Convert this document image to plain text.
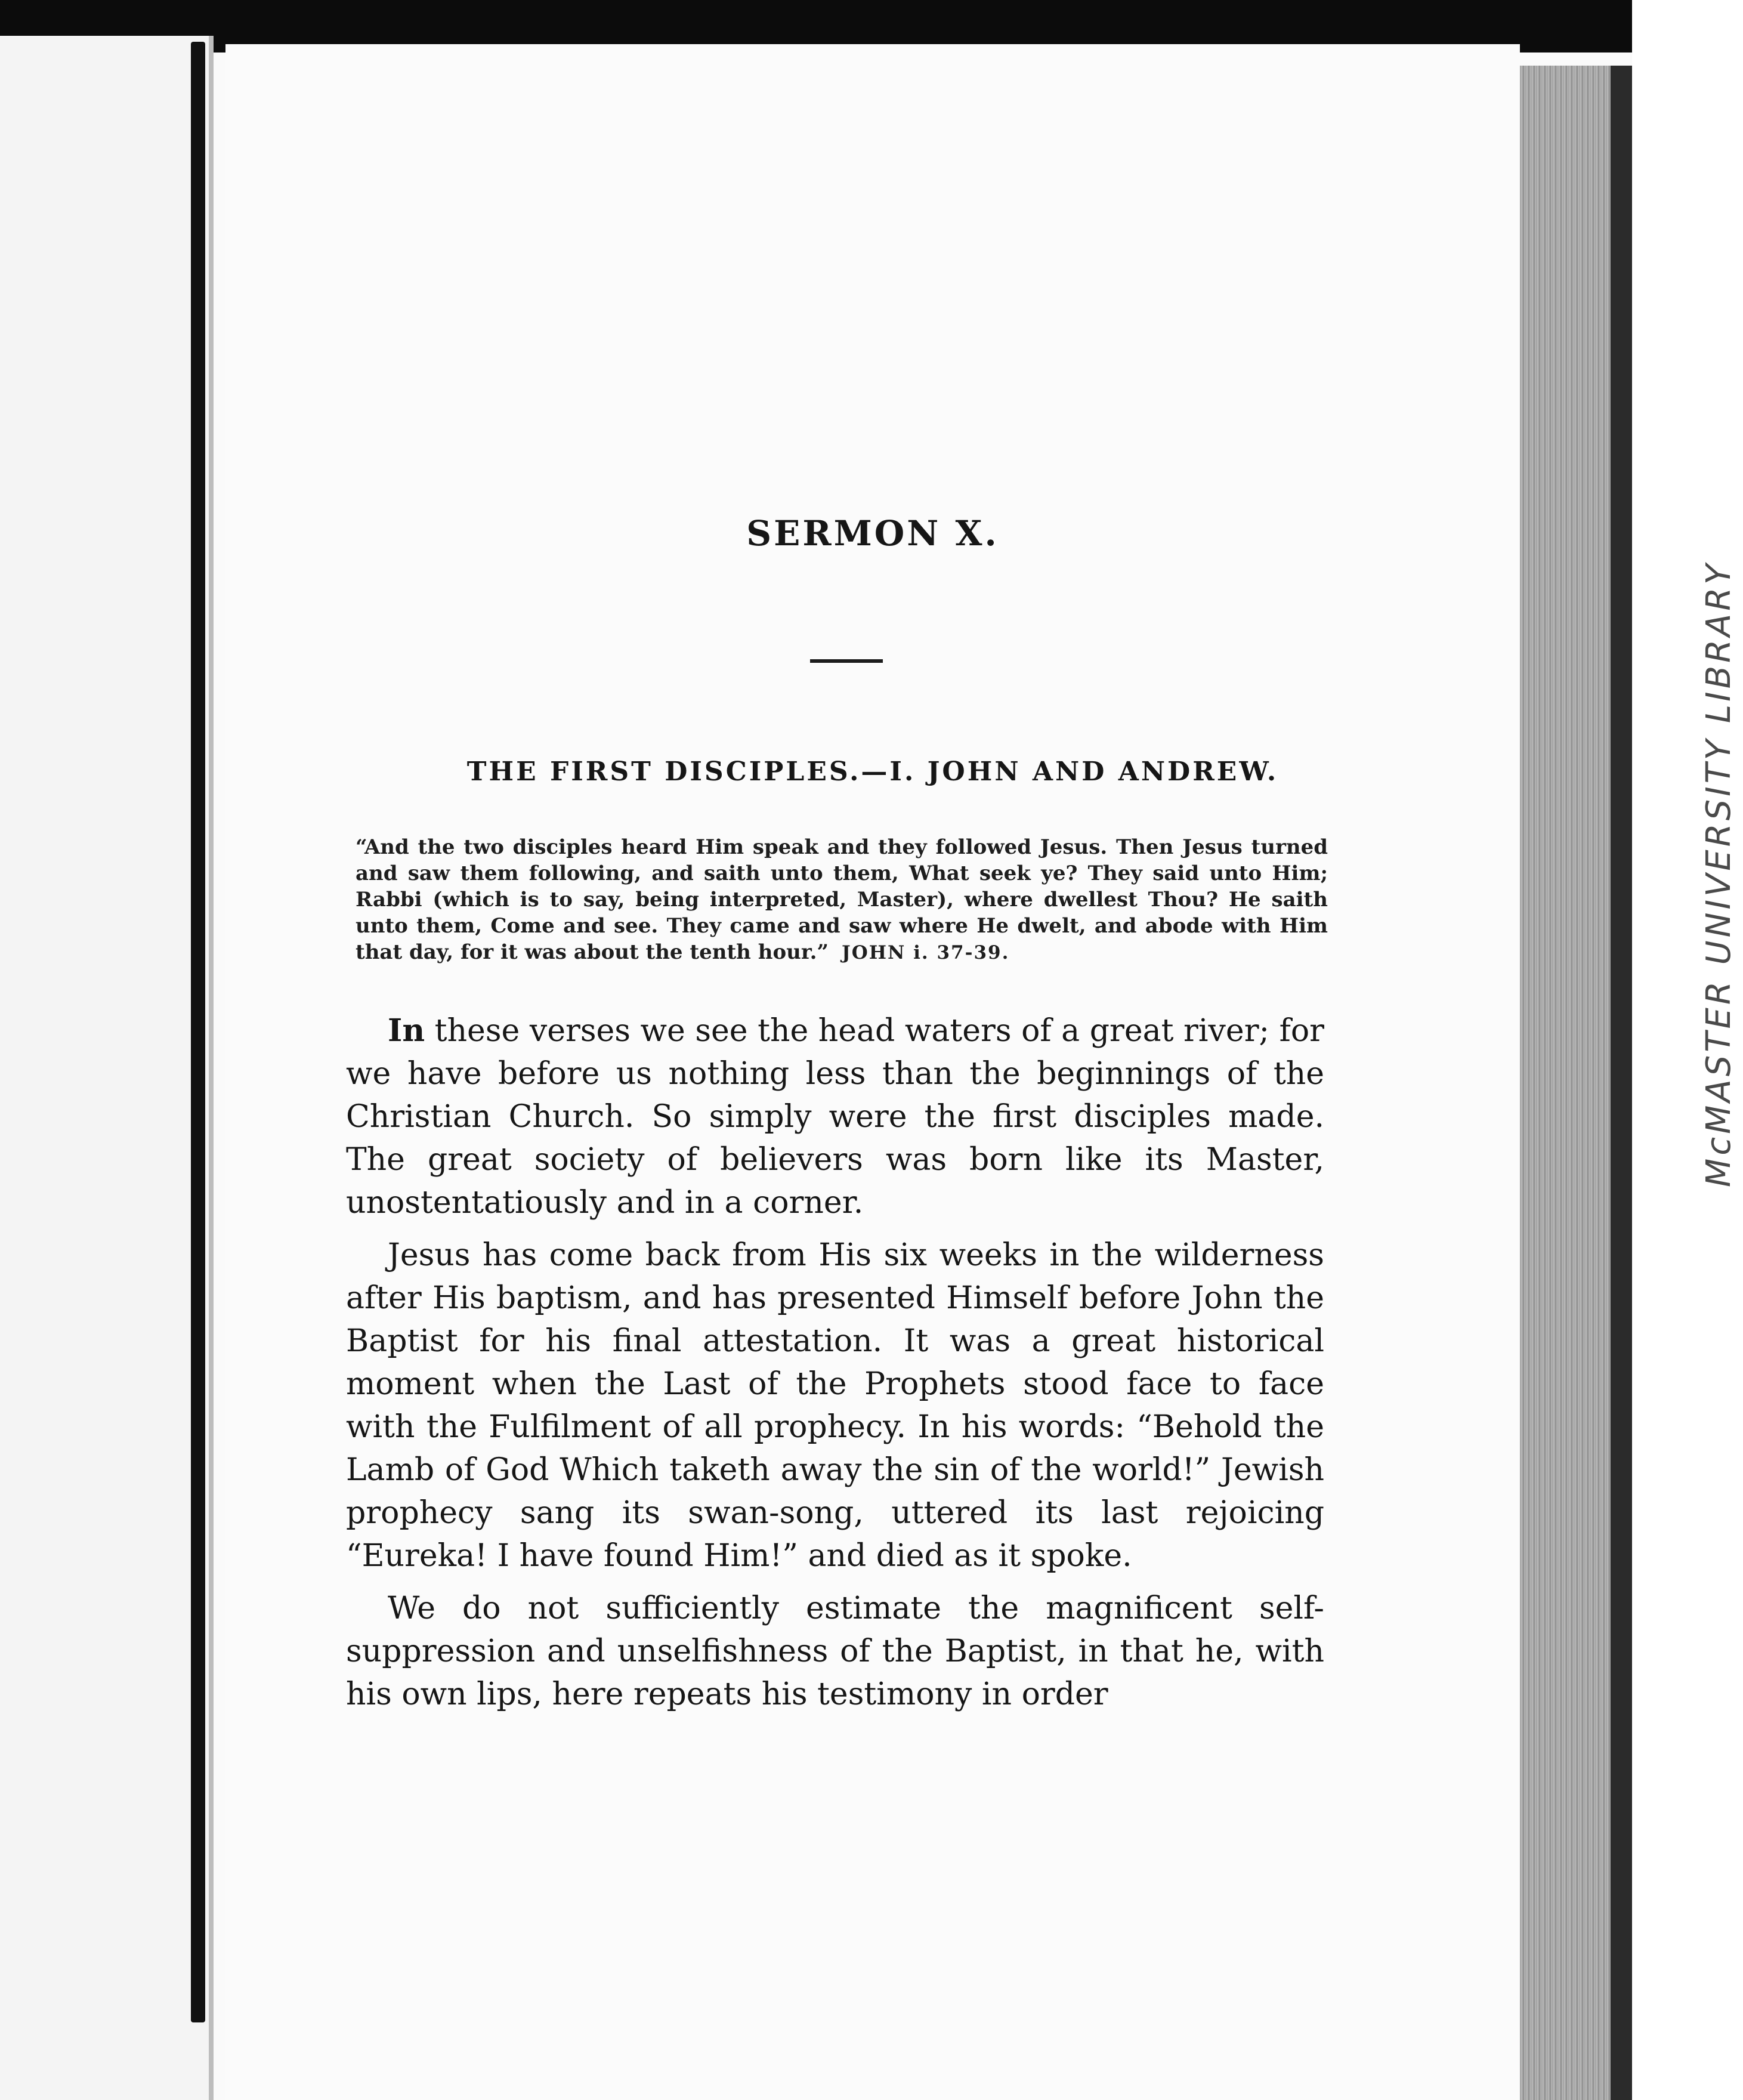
McMASTER UNIVERSITY LIBRARY
SERMON X.
THE FIRST DISCIPLES.—I. JOHN AND ANDREW.

“And the two disciples heard Him speak and they followed Jesus. Then Jesus turned and saw them following, and saith unto them, What seek ye? They said unto Him; Rabbi (which is to say, being interpreted, Master), where dwellest Thou? He saith unto them, Come and see. They came and saw where He dwelt, and abode with Him that day, for it was about the tenth hour.” JOHN i. 37-39.

In these verses we see the head waters of a great river; for we have before us nothing less than the beginnings of the Christian Church. So simply were the first disciples made. The great society of believers was born like its Master, unostentatiously and in a corner.

Jesus has come back from His six weeks in the wilderness after His baptism, and has presented Himself before John the Baptist for his final attestation. It was a great historical moment when the Last of the Prophets stood face to face with the Fulfilment of all prophecy. In his words: “Behold the Lamb of God Which taketh away the sin of the world!” Jewish prophecy sang its swan-song, uttered its last rejoicing “Eureka! I have found Him!” and died as it spoke.

We do not sufficiently estimate the magnificent self-suppression and unselfishness of the Baptist, in that he, with his own lips, here repeats his testimony in order
